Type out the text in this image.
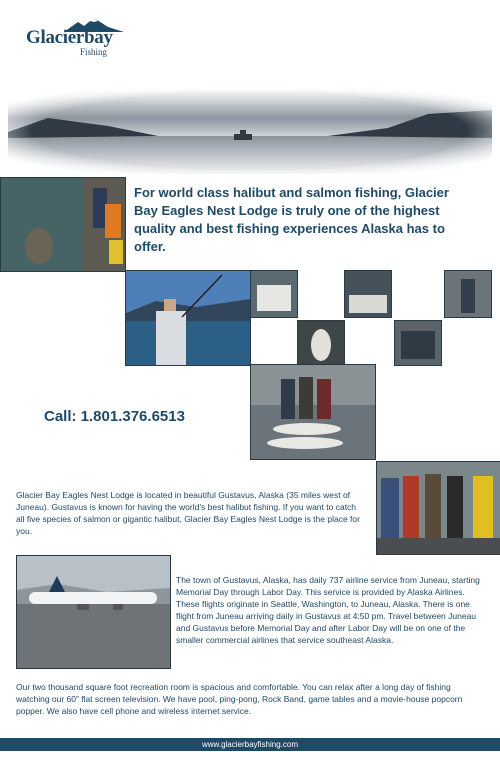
Glacierbay
Fishing
For world class halibut and salmon fishing, Glacier Bay Eagles Nest Lodge is truly one of the highest quality and best fishing experiences Alaska has to offer.
Call: 1.801.376.6513
Glacier Bay Eagles Nest Lodge is located in beautiful Gustavus, Alaska (35 miles west of Juneau). Gustavus is known for having the world’s best halibut fishing. If you want to catch all five species of salmon or gigantic halibut, Glacier Bay Eagles Nest Lodge is the place for you.
The town of Gustavus, Alaska, has daily 737 airline service from Juneau, starting Memorial Day through Labor Day. This service is provided by Alaska Airlines. These flights originate in Seattle, Washington, to Juneau, Alaska. There is one flight from Juneau arriving daily in Gustavus at 4:50 pm. Travel between Juneau and Gustavus before Memorial Day and after Labor Day will be on one of the smaller commercial airlines that service southeast Alaska.
Our two thousand square foot recreation room is spacious and comfortable. You can relax after a long day of fishing watching our 60” flat screen television. We have pool, ping-pong, Rock Band, game tables and a movie-house popcorn popper. We also have cell phone and wireless internet service.
www.glacierbayfishing.com
